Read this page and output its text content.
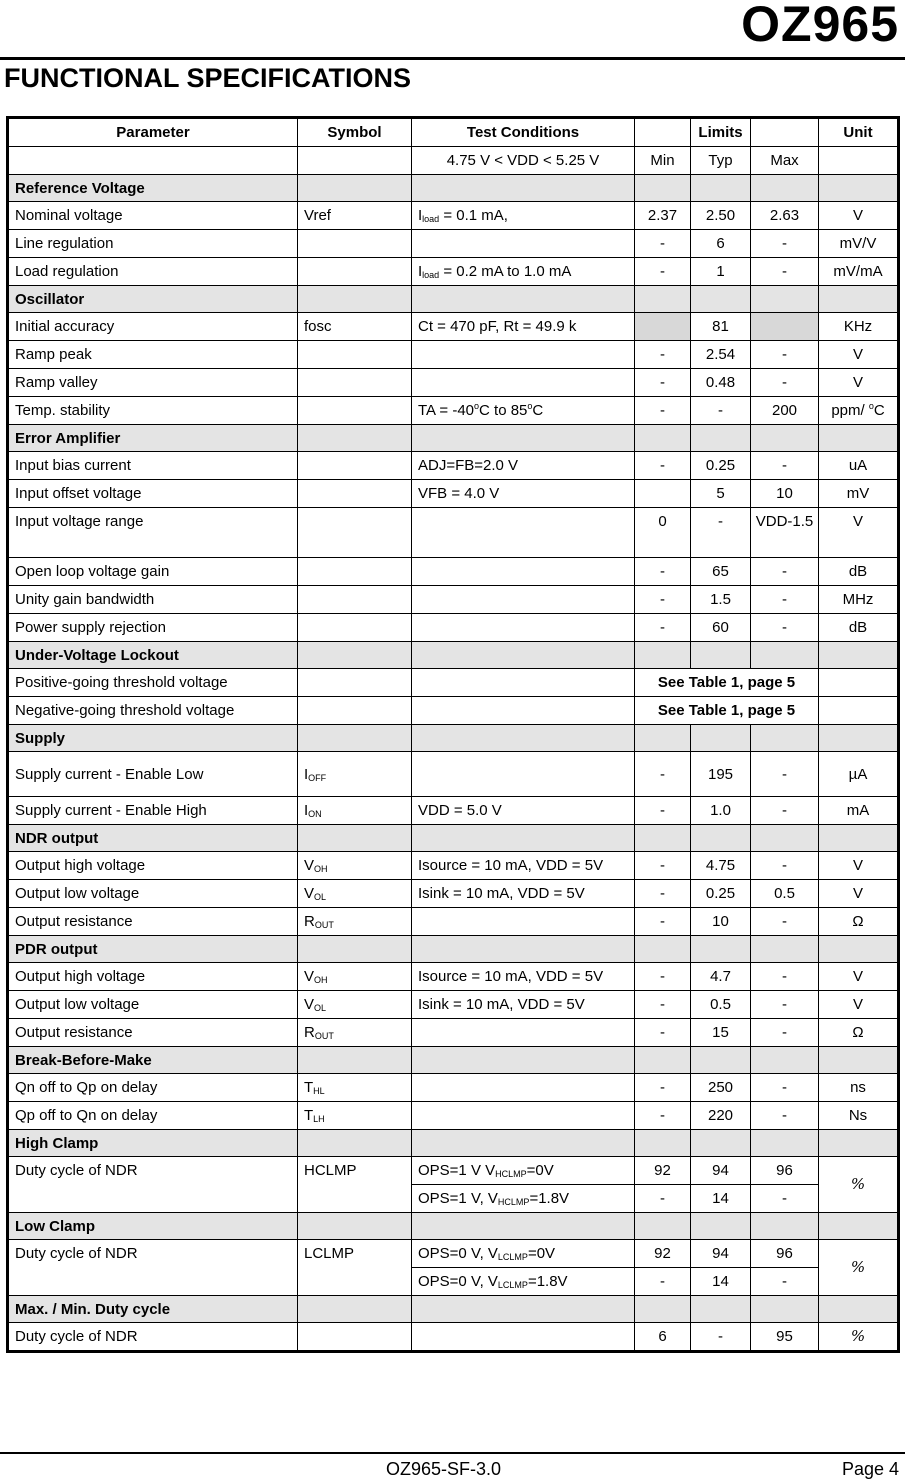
OZ965
FUNCTIONAL SPECIFICATIONS
Parameter	Symbol	Test Conditions		Limits		Unit
		4.75 V < VDD < 5.25 V	Min	Typ	Max	
Reference Voltage						
Nominal voltage	Vref	$I_{load} = 0.1$ mA,	2.37	2.50	2.63	V
Line regulation			-	6	-	mV/V
Load regulation		$I_{load} = 0.2$ mA to 1.0 mA	-	1	-	mV/mA
Oscillator						
Initial accuracy	fosc	Ct = 470 pF, Rt = 49.9 k		81		KHz
Ramp peak			-	2.54	-	V
Ramp valley			-	0.48	-	V
Temp. stability		TA = $-40^oC$ to 85$^o$C	-	-	200	ppm/ $^o$C
Error Amplifier						
Input bias current		ADJ=FB=2.0 V	-	0.25	-	uA
Input offset voltage		VFB = 4.0 V		5	10	mV
Input voltage range			0	-	VDD-1.5	V
Open loop voltage gain			-	65	-	dB
Unity gain bandwidth			-	1.5	-	MHz
Power supply rejection			-	60	-	dB
Under-Voltage Lockout						
Positive-going threshold voltage			See Table 1, page 5			
Negative-going threshold voltage			See Table 1, page 5			
Supply						
Supply current - Enable Low	$I_{OFF}$		-	195	-	µA
Supply current - Enable High	$I_{ON}$	VDD = 5.0 V	-	1.0	-	mA
NDR output						
Output high voltage	$V_{OH}$	Isource = 10 mA, VDD = 5V	-	4.75	-	V
Output low voltage	$V_{OL}$	Isink = 10 mA, VDD = 5V	-	0.25	0.5	V
Output resistance	$R_{OUT}$		-	10	-	Ω
PDR output						
Output high voltage	$V_{OH}$	Isource = 10 mA, VDD = 5V	-	4.7	-	V
Output low voltage	$V_{OL}$	Isink = 10 mA, VDD = 5V	-	0.5	-	V
Output resistance	$R_{OUT}$		-	15	-	Ω
Break-Before-Make						
Qn off to Qp on delay	$T_{HL}$		-	250	-	ns
Qp off to Qn on delay	$T_{LH}$		-	220	-	Ns
High Clamp						
Duty cycle of NDR	HCLMP	OPS=1 V $V_{HCLMP}=0V$	92	94	96	%
		OPS=1 V, $V_{HCLMP}=1.8V$	-	14	-	
Low Clamp						
Duty cycle of NDR	LCLMP	OPS=0 V, $V_{LCLMP}=0V$	92	94	96	%
		OPS=0 V, $V_{LCLMP}=1.8V$	-	14	-	
Max. / Min. Duty cycle						
Duty cycle of NDR			6	-	95	%
OZ965-SF-3.0	Page 4
